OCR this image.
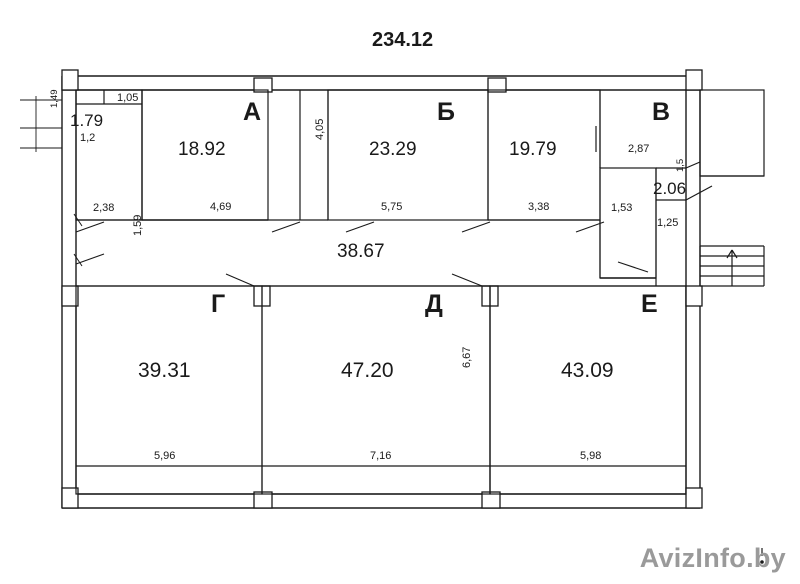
234.12
А	Б	В
Г	Д	Е
18.92	23.29	19.79
39.31	47.20	43.09
38.67
1.79
2.06
1,05
1,2
2,87
1,5
4,69	5,75	3,38
5,96	7,16	5,98
1,49
2,38
1,59
4,05
1,53
1,25
6,67
AvizInfo.by
